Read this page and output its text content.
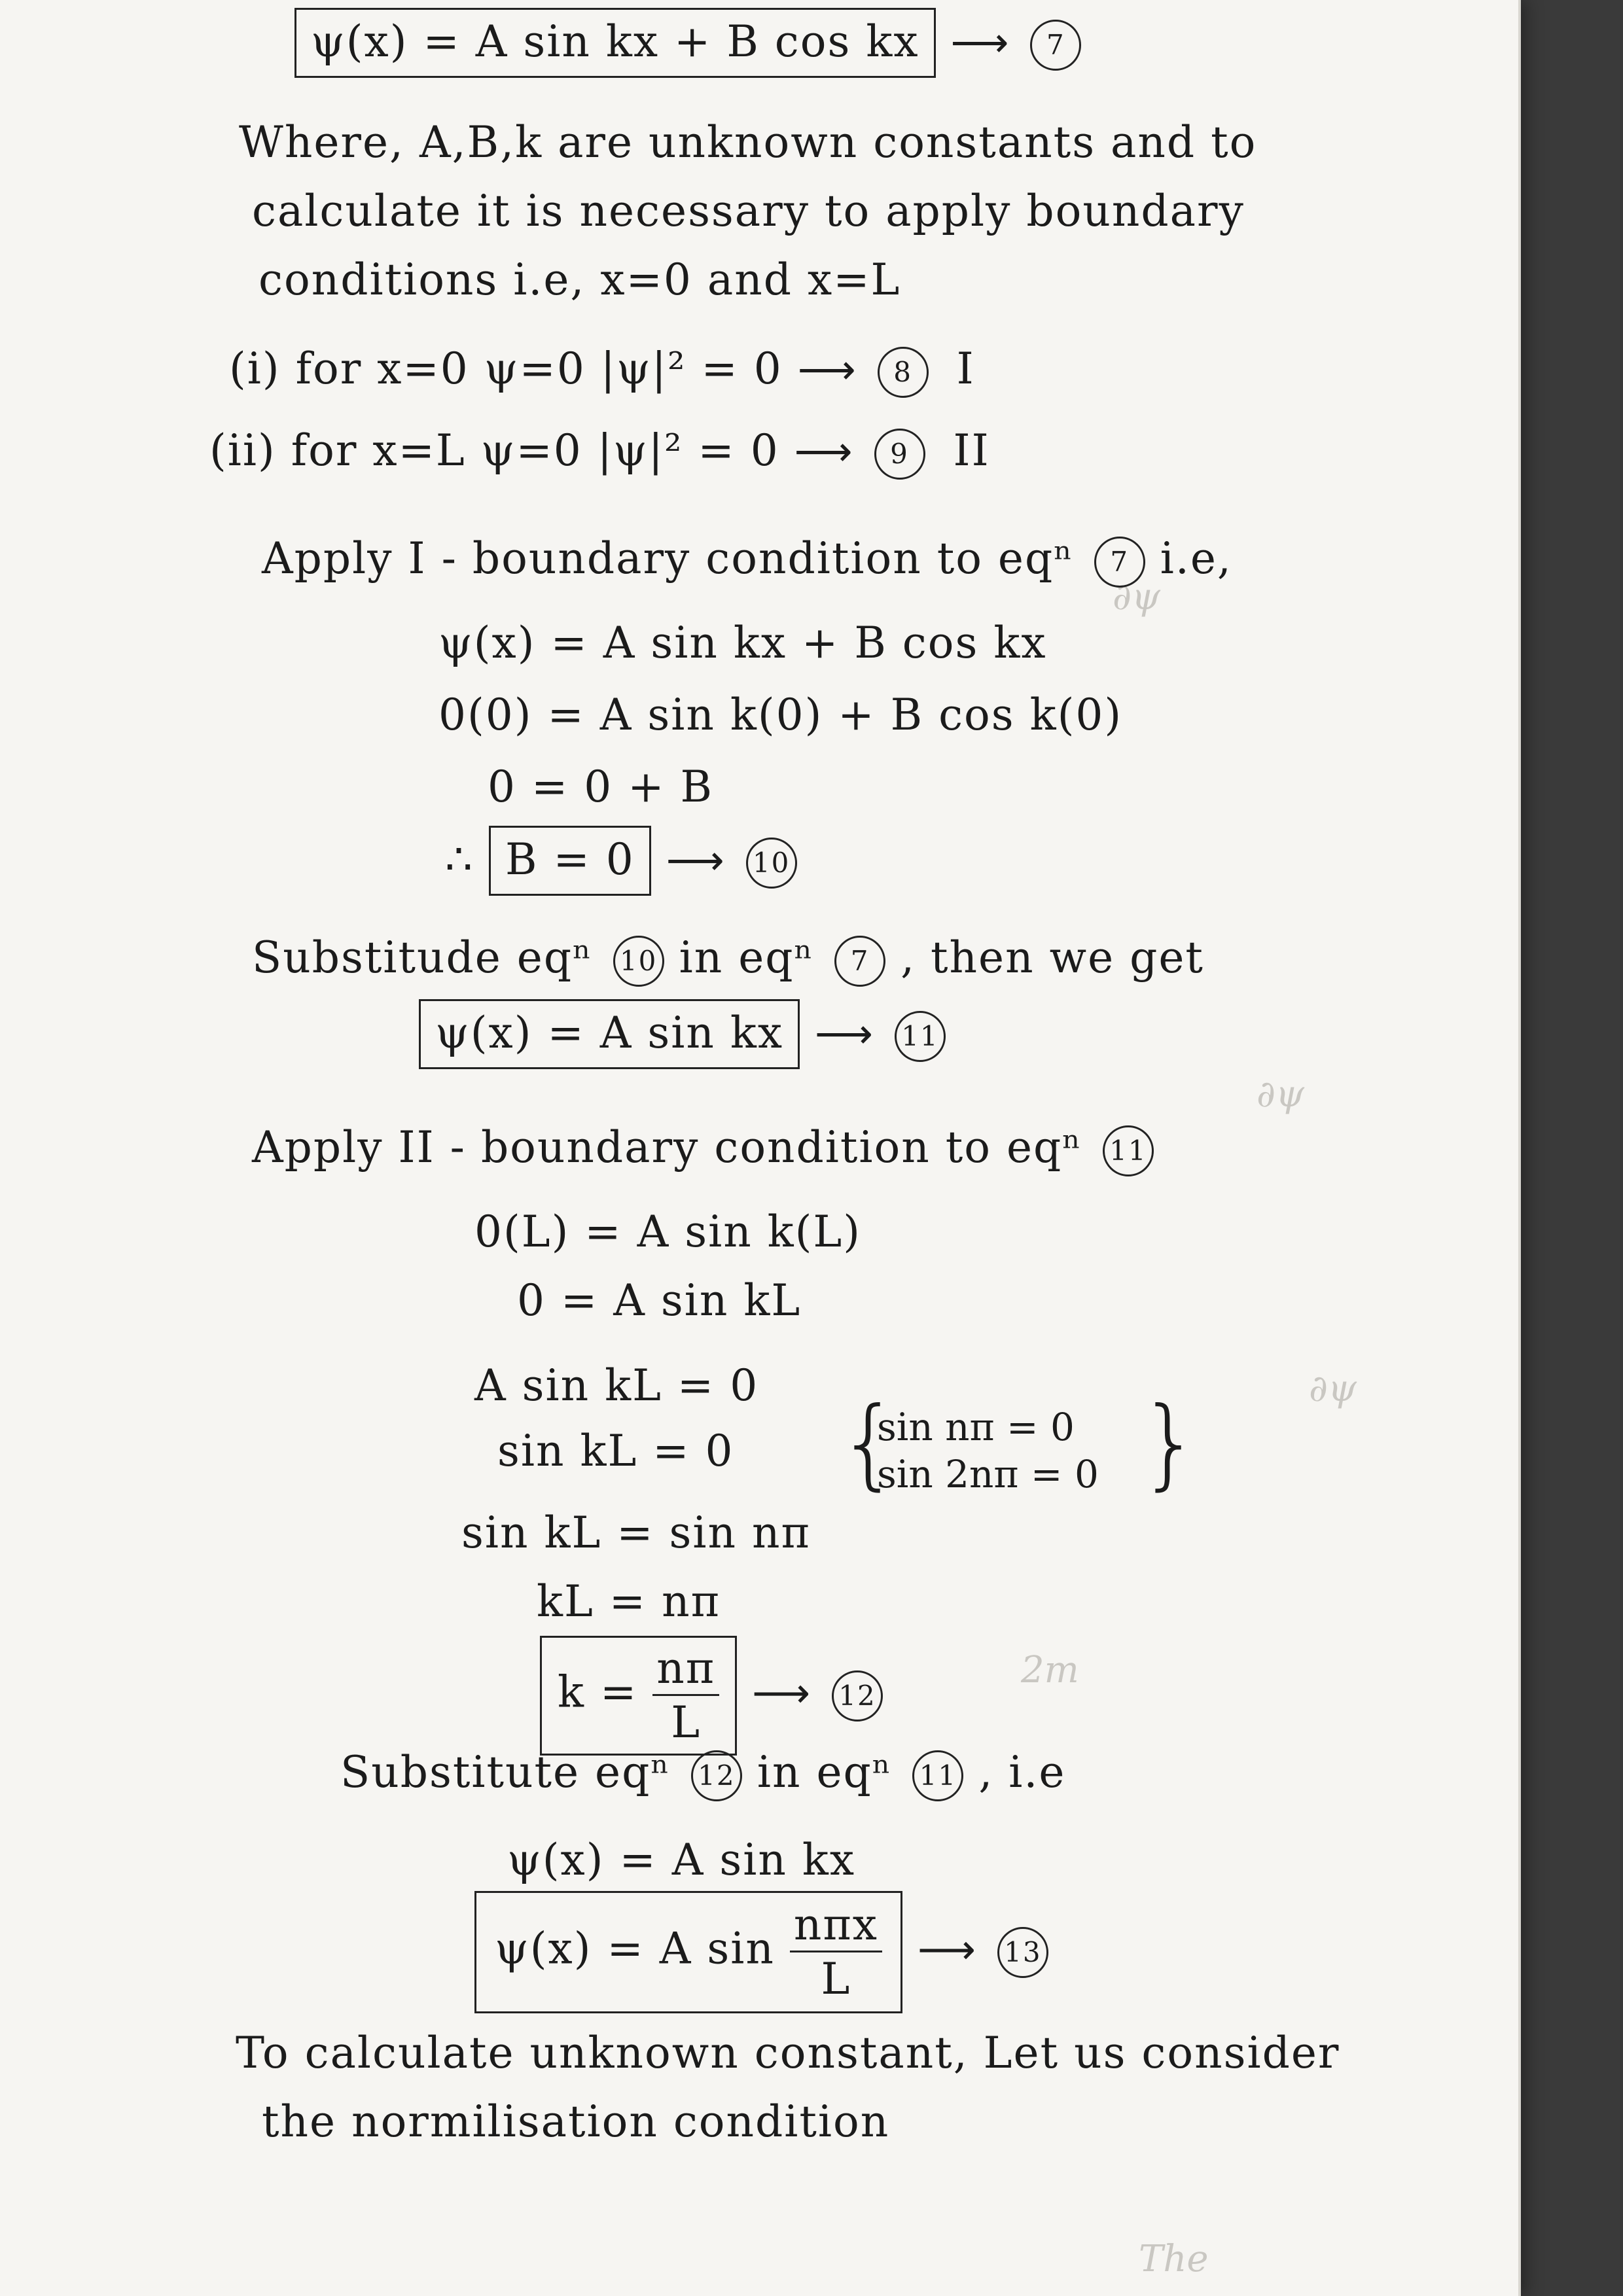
∂ψ
∂ψ
∂ψ
2m
The
ψ(x) = A sin kx + B cos kx ⟶ 7
Where, A,B,k are unknown constants and to
calculate it is necessary to apply boundary
conditions i.e, x=0 and x=L
(i) for x=0 ψ=0 |ψ|² = 0 ⟶ 8 I
(ii) for x=L ψ=0 |ψ|² = 0 ⟶ 9 II
Apply I - boundary condition to eqⁿ 7 i.e,
ψ(x) = A sin kx + B cos kx
0(0) = A sin k(0) + B cos k(0)
0 = 0 + B
∴ B = 0 ⟶ 10
Substitude eqⁿ 10 in eqⁿ 7 , then we get
ψ(x) = A sin kx ⟶ 11
Apply II - boundary condition to eqⁿ 11
0(L) = A sin k(L)
0 = A sin kL
A sin kL = 0
sin kL = 0 {
sin nπ = 0
sin 2nπ = 0 }
sin kL = sin nπ
kL = nπ
$k = \frac{n\pi}{L}$ ⟶ 12
Substitute eqⁿ 12 in eqⁿ 11 , i.e
ψ(x) = A sin kx
ψ(x) = A $\sin \frac{\text{nπx}}{L}$ ⟶ 13
To calculate unknown constant, Let us consider
the normilisation condition
